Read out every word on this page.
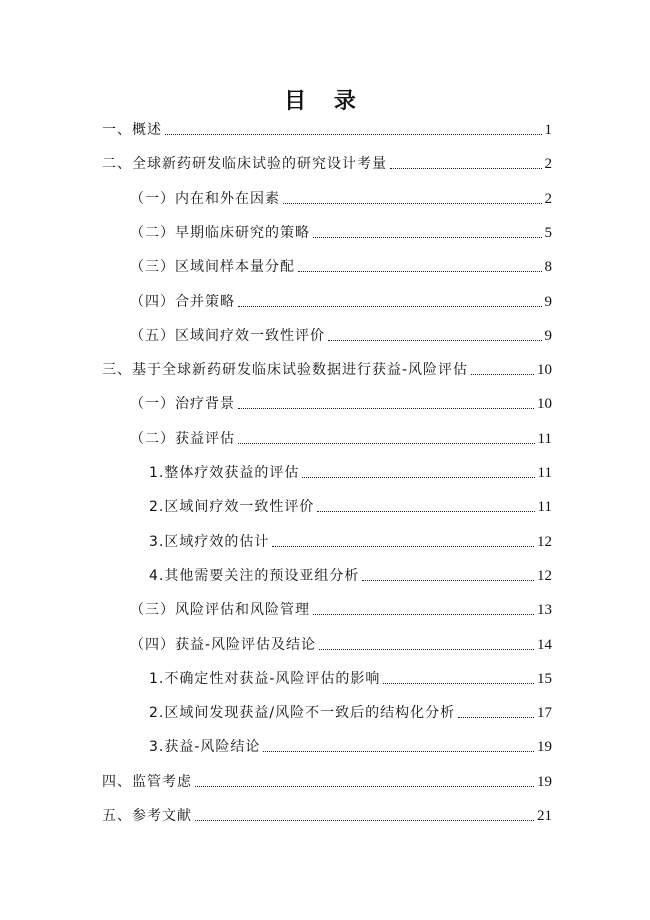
目 录
一、概述	1
二、全球新药研发临床试验的研究设计考量	2
（一）内在和外在因素	2
（二）早期临床研究的策略	5
（三）区域间样本量分配	8
（四）合并策略	9
（五）区域间疗效一致性评价	9
三、基于全球新药研发临床试验数据进行获益-风险评估	10
（一）治疗背景	10
（二）获益评估	11
1.整体疗效获益的评估	11
2.区域间疗效一致性评价	11
3.区域疗效的估计	12
4.其他需要关注的预设亚组分析	12
（三）风险评估和风险管理	13
（四）获益-风险评估及结论	14
1.不确定性对获益-风险评估的影响	15
2.区域间发现获益/风险不一致后的结构化分析	17
3.获益-风险结论	19
四、监管考虑	19
五、参考文献	21
